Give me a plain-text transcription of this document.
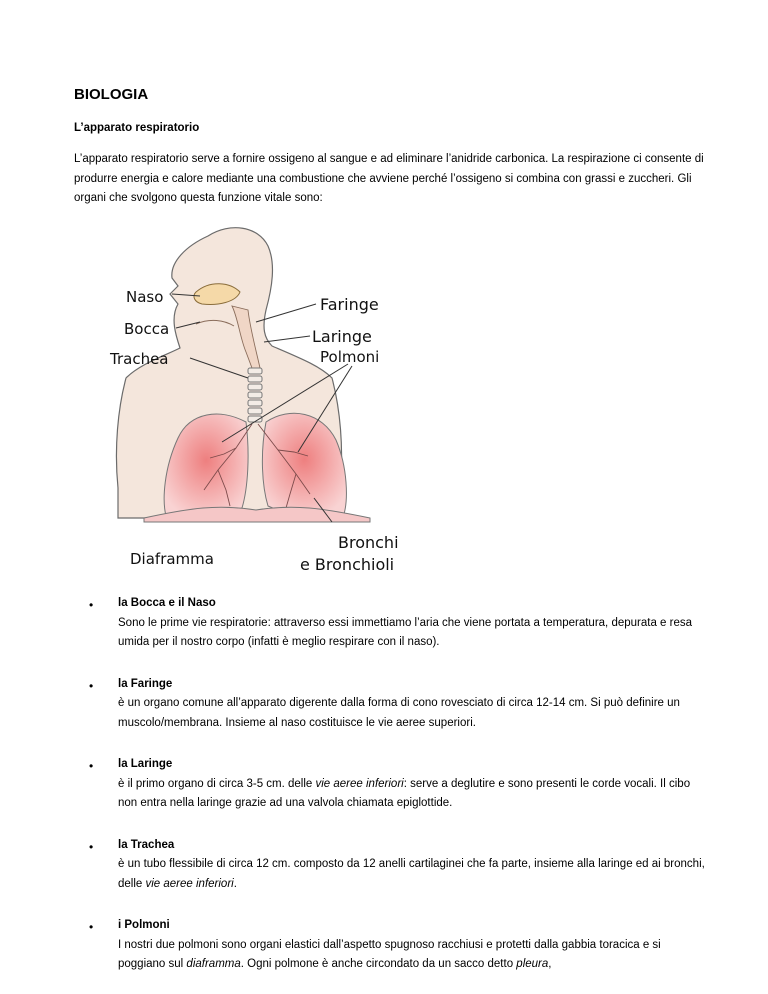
BIOLOGIA
L’apparato respiratorio

L’apparato respiratorio serve a fornire ossigeno al sangue e ad eliminare l’anidride carbonica. La respirazione ci consente di produrre energia e calore mediante una combustione che avviene perché l’ossigeno si combina con grassi e zuccheri. Gli organi che svolgono questa funzione vitale sono:

Naso
Bocca
Trachea
Faringe
Laringe
Polmoni
Diaframma
Bronchi
e Bronchioli
• la Bocca e il Naso
Sono le prime vie respiratorie: attraverso essi immettiamo l’aria che viene portata a temperatura, depurata e resa umida per il nostro corpo (infatti è meglio respirare con il naso).
• la Faringe
è un organo comune all’apparato digerente dalla forma di cono rovesciato di circa 12-14 cm. Si può definire un muscolo/membrana. Insieme al naso costituisce le vie aeree superiori.
• la Laringe
è il primo organo di circa 3-5 cm. delle vie aeree inferiori: serve a deglutire e sono presenti le corde vocali. Il cibo non entra nella laringe grazie ad una valvola chiamata epiglottide.
• la Trachea
è un tubo flessibile di circa 12 cm. composto da 12 anelli cartilaginei che fa parte, insieme alla laringe ed ai bronchi, delle vie aeree inferiori.
• i Polmoni
I nostri due polmoni sono organi elastici dall’aspetto spugnoso racchiusi e protetti dalla gabbia toracica e si poggiano sul diaframma. Ogni polmone è anche circondato da un sacco detto pleura,
